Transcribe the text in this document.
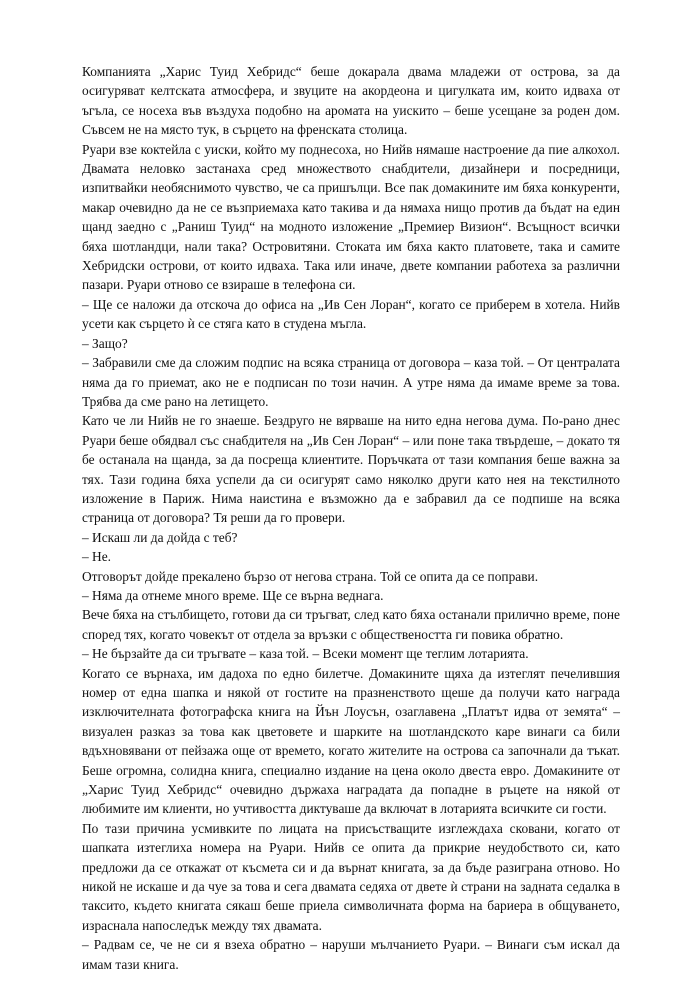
Компанията „Харис Туид Хебридс“ беше докарала двама младежи от острова, за да осигуряват келтската атмосфера, и звуците на акордеона и цигулката им, които идваха от ъгъла, се носеха във въздуха подобно на аромата на уискито – беше усещане за роден дом. Съвсем не на място тук, в сърцето на френската столица.

Руари взе коктейла с уиски, който му поднесоха, но Нийв нямаше настроение да пие алкохол. Двамата неловко застанаха сред множеството снабдители, дизайнери и посредници, изпитвайки необяснимото чувство, че са пришълци. Все пак домакините им бяха конкуренти, макар очевидно да не се възприемаха като такива и да нямаха нищо против да бъдат на един щанд заедно с „Раниш Туид“ на модното изложение „Премиер Визион“. Всъщност всички бяха шотландци, нали така? Островитяни. Стоката им бяха както платовете, така и самите Хебридски острови, от които идваха. Така или иначе, двете компании работеха за различни пазари. Руари отново се взираше в телефона си.

– Ще се наложи да отскоча до офиса на „Ив Сен Лоран“, когато се приберем в хотела. Нийв усети как сърцето ѝ се стяга като в студена мъгла.

– Защо?

– Забравили сме да сложим подпис на всяка страница от договора – каза той. – От централата няма да го приемат, ако не е подписан по този начин. А утре няма да имаме време за това. Трябва да сме рано на летището.

Като че ли Нийв не го знаеше. Бездруго не вярваше на нито една негова дума. По-рано днес Руари беше обядвал със снабдителя на „Ив Сен Лоран“ – или поне така твърдеше, – докато тя бе останала на щанда, за да посреща клиентите. Поръчката от тази компания беше важна за тях. Тази година бяха успели да си осигурят само няколко други като нея на текстилното изложение в Париж. Нима наистина е възможно да е забравил да се подпише на всяка страница от договора? Тя реши да го провери.

– Искаш ли да дойда с теб?

– Не.

Отговорът дойде прекалено бързо от негова страна. Той се опита да се поправи.

– Няма да отнеме много време. Ще се върна веднага.

Вече бяха на стълбището, готови да си тръгват, след като бяха останали прилично време, поне според тях, когато човекът от отдела за връзки с обществеността ги повика обратно.

– Не бързайте да си тръгвате – каза той. – Всеки момент ще теглим лотарията.

Когато се върнаха, им дадоха по едно билетче. Домакините щяха да изтеглят печелившия номер от една шапка и някой от гостите на празненството щеше да получи като награда изключителната фотографска книга на Йън Лоусън, озаглавена „Платът идва от земята“ – визуален разказ за това как цветовете и шарките на шотландското каре винаги са били вдъхновявани от пейзажа още от времето, когато жителите на острова са започнали да тъкат. Беше огромна, солидна книга, специално издание на цена около двеста евро. Домакините от „Харис Туид Хебридс“ очевидно държаха наградата да попадне в ръцете на някой от любимите им клиенти, но учтивостта диктуваше да включат в лотарията всичките си гости.

По тази причина усмивките по лицата на присъстващите изглеждаха сковани, когато от шапката изтеглиха номера на Руари. Нийв се опита да прикрие неудобството си, като предложи да се откажат от късмета си и да върнат книгата, за да бъде разиграна отново. Но никой не искаше и да чуе за това и сега двамата седяха от двете ѝ страни на задната седалка в таксито, където книгата сякаш беше приела символичната форма на бариера в общуването, израснала напоследък между тях двамата.

– Радвам се, че не си я взеха обратно – наруши мълчанието Руари. – Винаги съм искал да имам тази книга.
